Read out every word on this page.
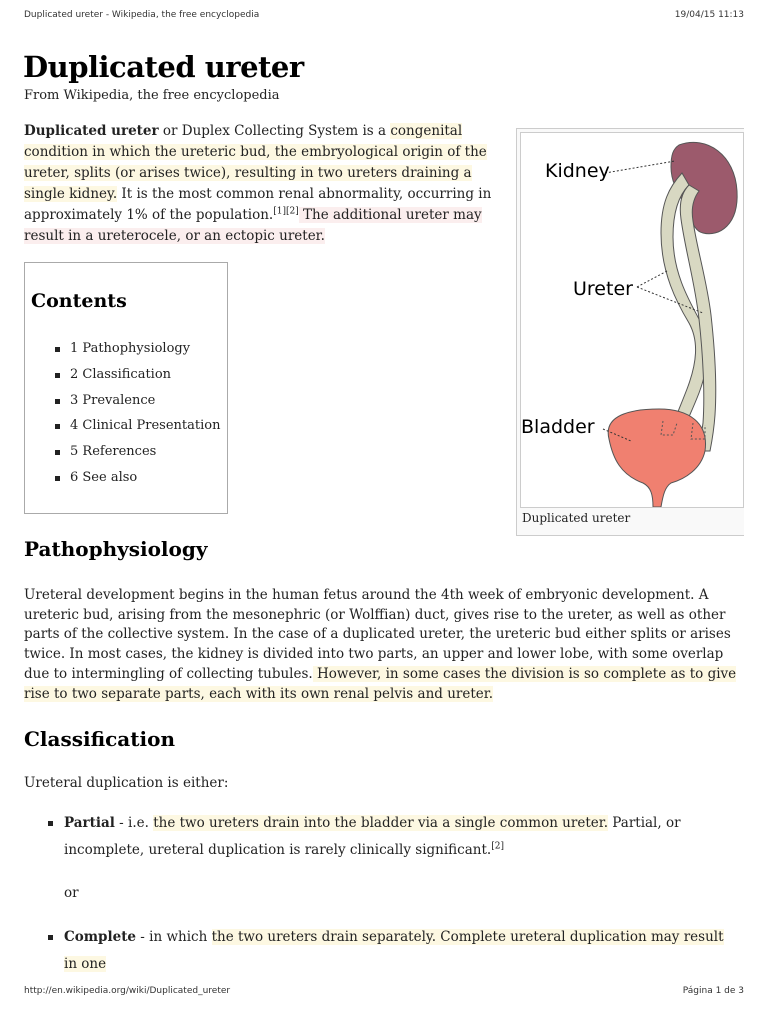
Duplicated ureter - Wikipedia, the free encyclopedia	19/04/15 11:13
Duplicated ureter
From Wikipedia, the free encyclopedia

Duplicated ureter or Duplex Collecting System is a congenital condition in which the ureteric bud, the embryological origin of the ureter, splits (or arises twice), resulting in two ureters draining a single kidney. It is the most common renal abnormality, occurring in approximately 1% of the population.[1][2] The additional ureter may result in a ureterocele, or an ectopic ureter.

Contents
1 Pathophysiology
2 Classification
3 Prevalence
4 Clinical Presentation
5 References
6 See also
Kidney
Ureter
Bladder
Duplicated ureter
Pathophysiology

Ureteral development begins in the human fetus around the 4th week of embryonic development. A ureteric bud, arising from the mesonephric (or Wolffian) duct, gives rise to the ureter, as well as other parts of the collective system. In the case of a duplicated ureter, the ureteric bud either splits or arises twice. In most cases, the kidney is divided into two parts, an upper and lower lobe, with some overlap due to intermingling of collecting tubules. However, in some cases the division is so complete as to give rise to two separate parts, each with its own renal pelvis and ureter.

Classification

Ureteral duplication is either:

Partial - i.e. the two ureters drain into the bladder via a single common ureter. Partial, or incomplete, ureteral duplication is rarely clinically significant.[2]
Complete - in which the two ureters drain separately. Complete ureteral duplication may result in one
or
http://en.wikipedia.org/wiki/Duplicated_ureter	Página 1 de 3
